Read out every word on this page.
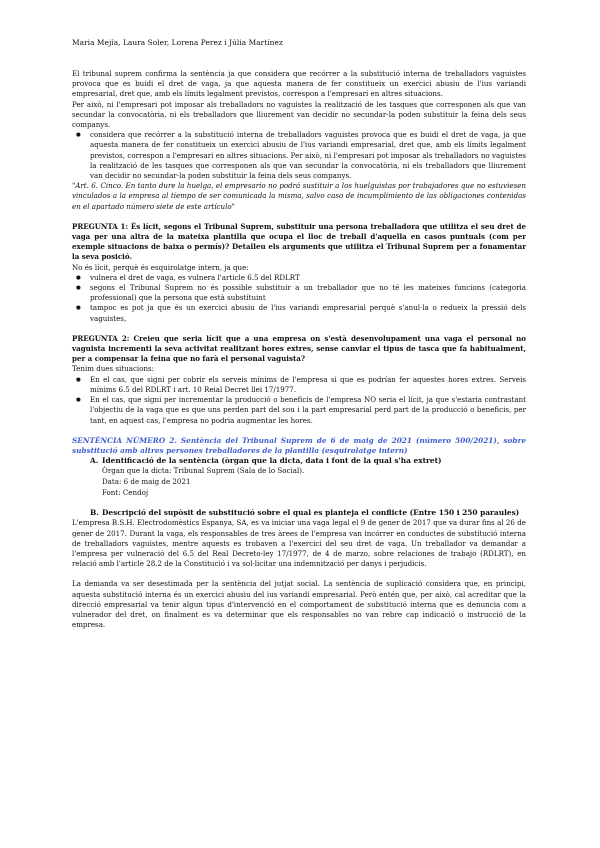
Maria Mejía, Laura Soler, Lorena Perez i Júlia Martínez

El tribunal suprem confirma la sentència ja que considera que recórrer a la substitució interna de treballadors vaguistes provoca que es buidi el dret de vaga, ja que aquesta manera de fer constitueix un exercici abusiu de l'ius variandi empresarial, dret que, amb els límits legalment previstos, correspon a l'empresari en altres situacions.

Per això, ni l'empresari pot imposar als treballadors no vaguistes la realització de les tasques que corresponen als que van secundar la convocatòria, ni els treballadors que lliurement van decidir no secundar-la poden substituir la feina dels seus companys.

● considera que recórrer a la substitució interna de treballadors vaguistes provoca que es buidi el dret de vaga, ja que aquesta manera de fer constitueix un exercici abusiu de l'ius variandi empresarial, dret que, amb els límits legalment previstos, correspon a l'empresari en altres situacions. Per això, ni l'empresari pot imposar als treballadors no vaguistes la realització de les tasques que corresponen als que van secundar la convocatòria, ni els treballadors que lliurement van decidir no secundar-la poden substituir la feina dels seus companys.

"Art. 6. Cinco. En tanto dure la huelga, el empresario no podrá sustituir a los huelguistas por trabajadores que no estuviesen vinculados a la empresa al tiempo de ser comunicada la misma, salvo caso de incumplimiento de las obligaciones contenidas en el apartado número siete de este artículo"

PREGUNTA 1: És lícit, segons el Tribunal Suprem, substituir una persona treballadora que utilitza el seu dret de vaga per una altra de la mateixa plantilla que ocupa el lloc de treball d'aquella en casos puntuals (com per exemple situacions de baixa o permís)? Detalleu els arguments que utilitza el Tribunal Suprem per a fonamentar la seva posició.

No és lícit, perquè és esquirolatge intern, ja que:

● vulnera el dret de vaga, es vulnera l'article 6.5 del RDLRT
● segons el Tribunal Suprem no és possible substituir a un treballador que no té les mateixes funcions (categoria professional) que la persona que està substituint
● tampoc es pot ja que és un exercici abusiu de l'ius variandi empresarial perquè s'anul·la o redueix la pressió dels vaguistes,

PREGUNTA 2: Creieu que seria lícit que a una empresa on s'està desenvolupament una vaga el personal no vaguista incrementi la seva activitat realitzant hores extres, sense canviar el tipus de tasca que fa habitualment, per a compensar la feina que no farà el personal vaguista?

Tenim dues situacions:

● En el cas, que signi per cobrir els serveis mínims de l'empresa si que es podrían fer aquestes hores extres. Serveis mínims 6.5 del RDLRT i art. 10 Reial Decret llei 17/1977.
● En el cas, que signi per incrementar la producció o beneficis de l'empresa NO seria el lícit, ja que s'estaria contrastant l'objectiu de la vaga que es que uns perden part del sou i la part empresarial perd part de la producció o beneficis, per tant, en aquest cas, l'empresa no podria augmentar les hores.

SENTÈNCIA NÚMERO 2. Sentència del Tribunal Suprem de 6 de maig de 2021 (número 500/2021), sobre substitució amb altres persones treballadores de la plantilla (esquirolatge intern)

A. Identificació de la sentència (òrgan que la dicta, data i font de la qual s'ha extret)
Òrgan que la dicta: Tribunal Suprem (Sala de lo Social).
Data: 6 de maig de 2021
Font: Cendoj
B. Descripció del supòsit de substitució sobre el qual es planteja el conflicte (Entre 150 i 250 paraules)

L'empresa B.S.H. Electrodomèstics Espanya, SA, es va iniciar una vaga legal el 9 de gener de 2017 que va durar fins al 26 de gener de 2017. Durant la vaga, els responsables de tres àrees de l'empresa van incórrer en conductes de substitució interna de treballadors vaguistes, mentre aquests es trobaven a l'exercici del seu dret de vaga. Un treballador va demandar a l'empresa per vulneració del 6.5 del Real Decreto-ley 17/1977, de 4 de marzo, sobre relaciones de trabajo (RDLRT), en relació amb l'article 28.2 de la Constitució i va sol·licitar una indemnització per danys i perjudicis.

La demanda va ser desestimada per la sentència del jutjat social. La sentència de suplicació considera que, en principi, aquesta substitució interna és un exercici abusiu del ius variandi empresarial. Però entén que, per això, cal acreditar que la direcció empresarial va tenir algun tipus d'intervenció en el comportament de substitució interna que es denuncia com a vulnerador del dret, on finalment es va determinar que els responsables no van rebre cap indicació o instrucció de la empresa.
